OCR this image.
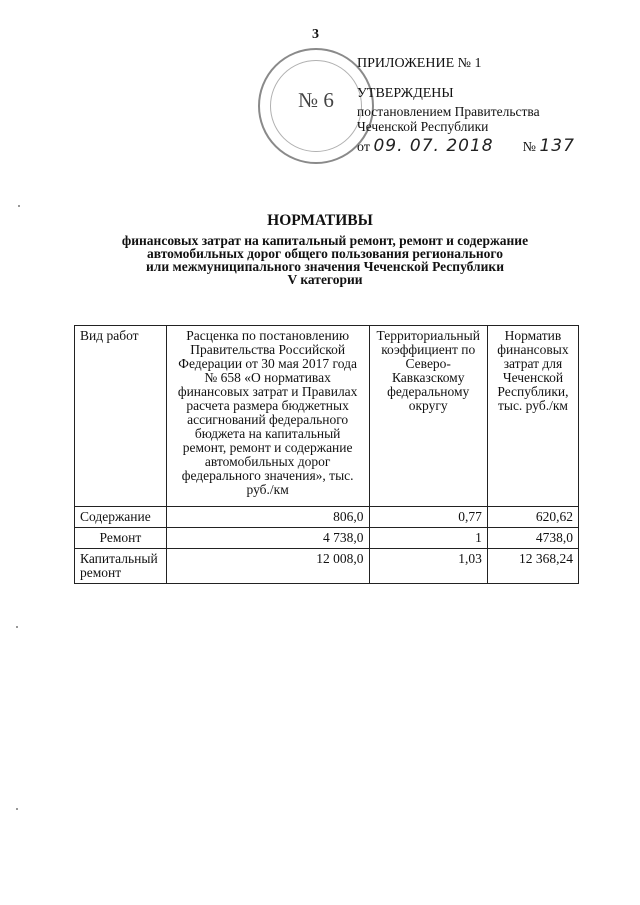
3
№ 6
ПРИЛОЖЕНИЕ № 1
УТВЕРЖДЕНЫ
постановлением Правительства
Чеченской Республики
от 09. 07. 2018 № 137
НОРМАТИВЫ
финансовых затрат на капитальный ремонт, ремонт и содержание
автомобильных дорог общего пользования регионального
или межмуниципального значения Чеченской Республики
V категории
Вид работ	Расценка по постановлению Правительства Российской Федерации от 30 мая 2017 года № 658 «О нормативах финансовых затрат и Правилах расчета размера бюджетных ассигнований федерального бюджета на капитальный ремонт, ремонт и содержание автомобильных дорог федерального значения», тыс. руб./км	Территориальный коэффициент по Северо-Кавказскому федеральному округу	Норматив финансовых затрат для Чеченской Республики, тыс. руб./км
Содержание	806,0	0,77	620,62
Ремонт	4 738,0	1	4738,0
Капитальный ремонт	12 008,0	1,03	12 368,24
